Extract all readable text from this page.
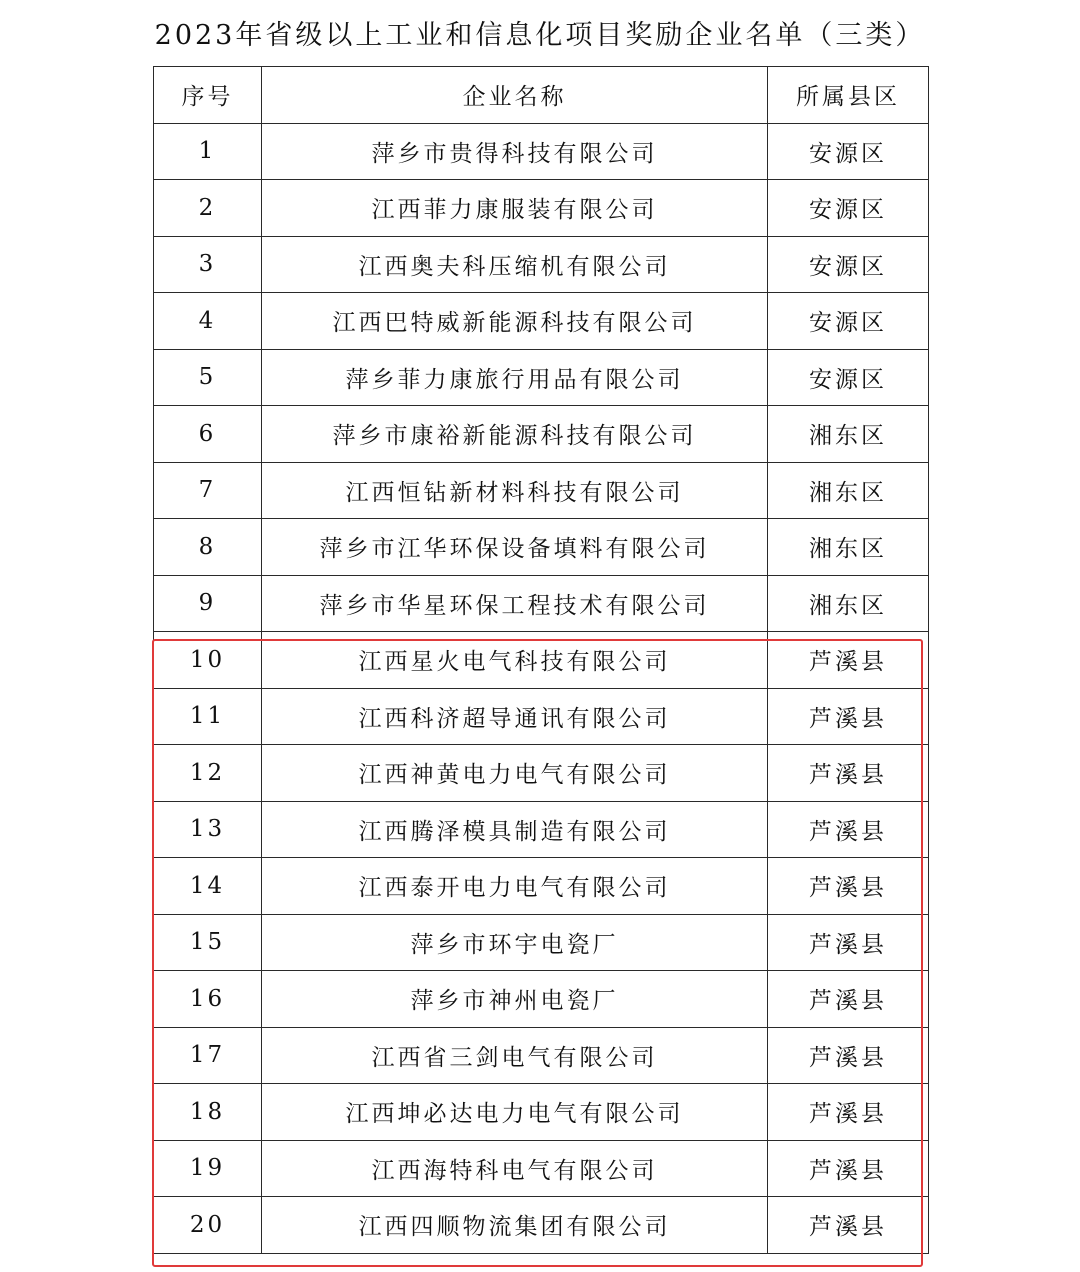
2023年省级以上工业和信息化项目奖励企业名单（三类）
序号	企业名称	所属县区
1	萍乡市贵得科技有限公司	安源区
2	江西菲力康服装有限公司	安源区
3	江西奥夫科压缩机有限公司	安源区
4	江西巴特威新能源科技有限公司	安源区
5	萍乡菲力康旅行用品有限公司	安源区
6	萍乡市康裕新能源科技有限公司	湘东区
7	江西恒钻新材料科技有限公司	湘东区
8	萍乡市江华环保设备填料有限公司	湘东区
9	萍乡市华星环保工程技术有限公司	湘东区
10	江西星火电气科技有限公司	芦溪县
11	江西科济超导通讯有限公司	芦溪县
12	江西神黄电力电气有限公司	芦溪县
13	江西腾泽模具制造有限公司	芦溪县
14	江西泰开电力电气有限公司	芦溪县
15	萍乡市环宇电瓷厂	芦溪县
16	萍乡市神州电瓷厂	芦溪县
17	江西省三剑电气有限公司	芦溪县
18	江西坤必达电力电气有限公司	芦溪县
19	江西海特科电气有限公司	芦溪县
20	江西四顺物流集团有限公司	芦溪县
